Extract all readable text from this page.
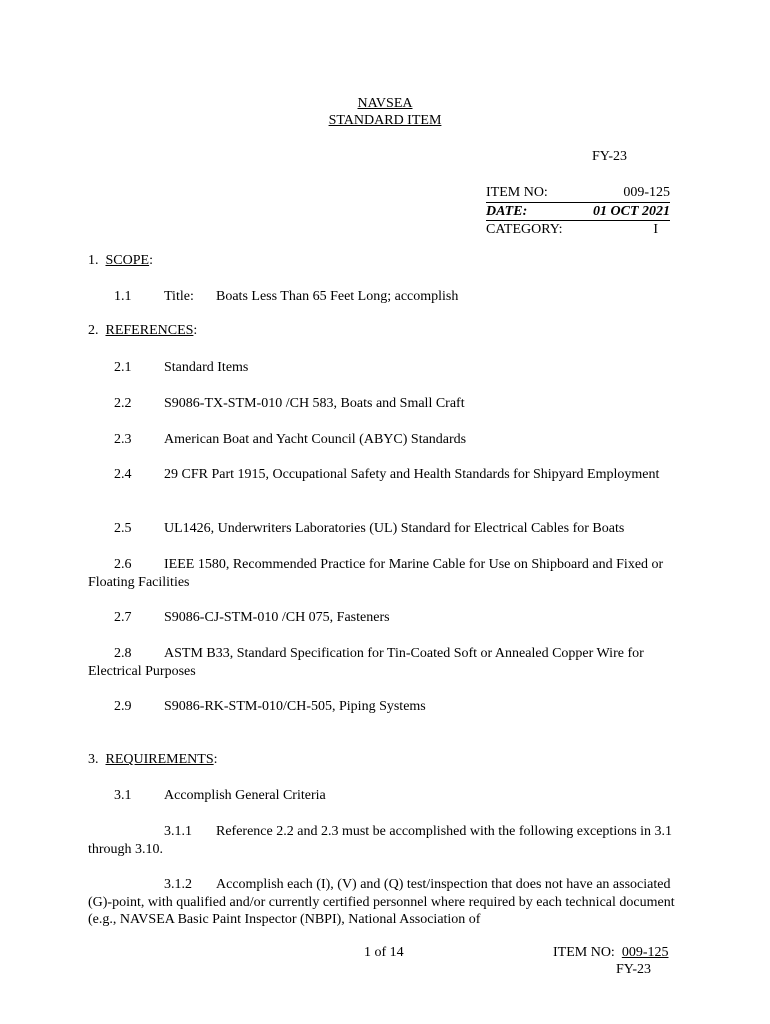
NAVSEA
STANDARD ITEM
FY-23
ITEM NO:	009-125
DATE:	01 OCT 2021
CATEGORY:	I
1. SCOPE:
1.1 Title: Boats Less Than 65 Feet Long; accomplish
2. REFERENCES:
2.1 Standard Items
2.2 S9086-TX-STM-010 /CH 583, Boats and Small Craft
2.3 American Boat and Yacht Council (ABYC) Standards
2.4 29 CFR Part 1915, Occupational Safety and Health Standards for Shipyard Employment
2.5 UL1426, Underwriters Laboratories (UL) Standard for Electrical Cables for Boats
2.6 IEEE 1580, Recommended Practice for Marine Cable for Use on Shipboard and Fixed or Floating Facilities
2.7 S9086-CJ-STM-010 /CH 075, Fasteners
2.8 ASTM B33, Standard Specification for Tin-Coated Soft or Annealed Copper Wire for Electrical Purposes
2.9 S9086-RK-STM-010/CH-505, Piping Systems
3. REQUIREMENTS:
3.1 Accomplish General Criteria
3.1.1 Reference 2.2 and 2.3 must be accomplished with the following exceptions in 3.1 through 3.10.
3.1.2 Accomplish each (I), (V) and (Q) test/inspection that does not have an associated (G)-point, with qualified and/or currently certified personnel where required by each technical document (e.g., NAVSEA Basic Paint Inspector (NBPI), National Association of
1 of 14	ITEM NO: 009-125
FY-23
